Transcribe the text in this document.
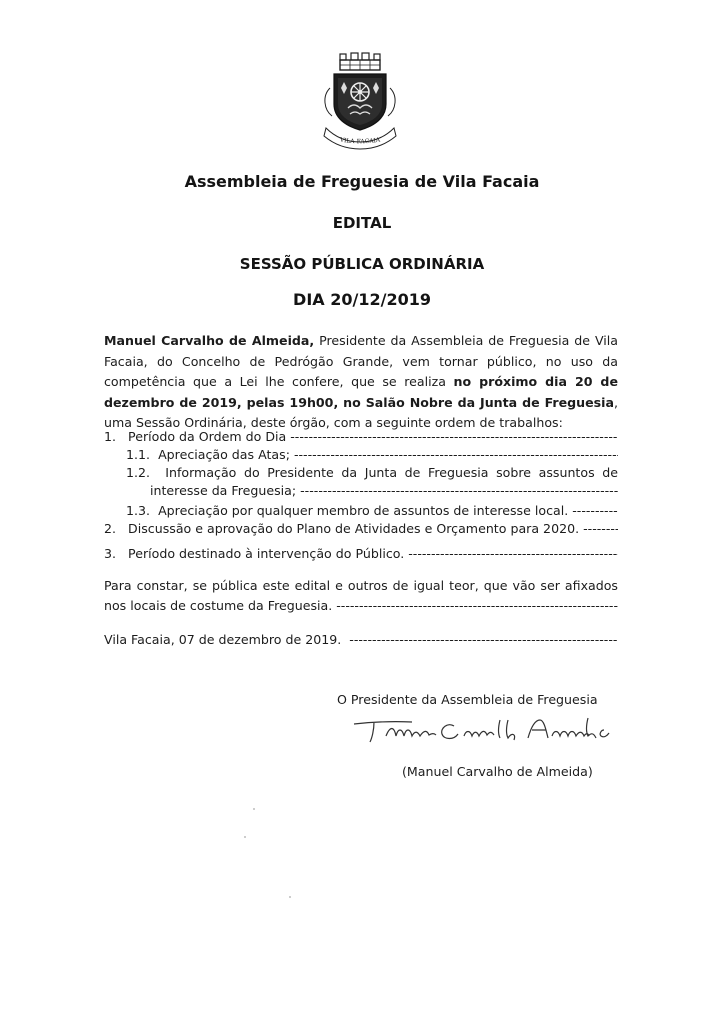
VILA FACAIA
Assembleia de Freguesia de Vila Facaia
EDITAL
SESSÃO PÚBLICA ORDINÁRIA
DIA 20/12/2019

Manuel Carvalho de Almeida, Presidente da Assembleia de Freguesia de Vila Facaia, do Concelho de Pedrógão Grande, vem tornar público, no uso da competência que a Lei lhe confere, que se realiza no próximo dia 20 de dezembro de 2019, pelas 19h00, no Salão Nobre da Junta de Freguesia, uma Sessão Ordinária, deste órgão, com a seguinte ordem de trabalhos:

1. Período da Ordem do Dia -----
1.1. Apreciação das Atas; -----
1.2. Informação do Presidente da Junta de Freguesia sobre assuntos de
interesse da Freguesia; -----
1.3. Apreciação por qualquer membro de assuntos de interesse local. -----
2. Discussão e aprovação do Plano de Atividades e Orçamento para 2020. -----
3. Período destinado à intervenção do Público. -----
Para constar, se pública este edital e outros de igual teor, que vão ser afixados
nos locais de costume da Freguesia. -----
Vila Facaia, 07 de dezembro de 2019.  -----
O Presidente da Assembleia de Freguesia
(Manuel Carvalho de Almeida)
